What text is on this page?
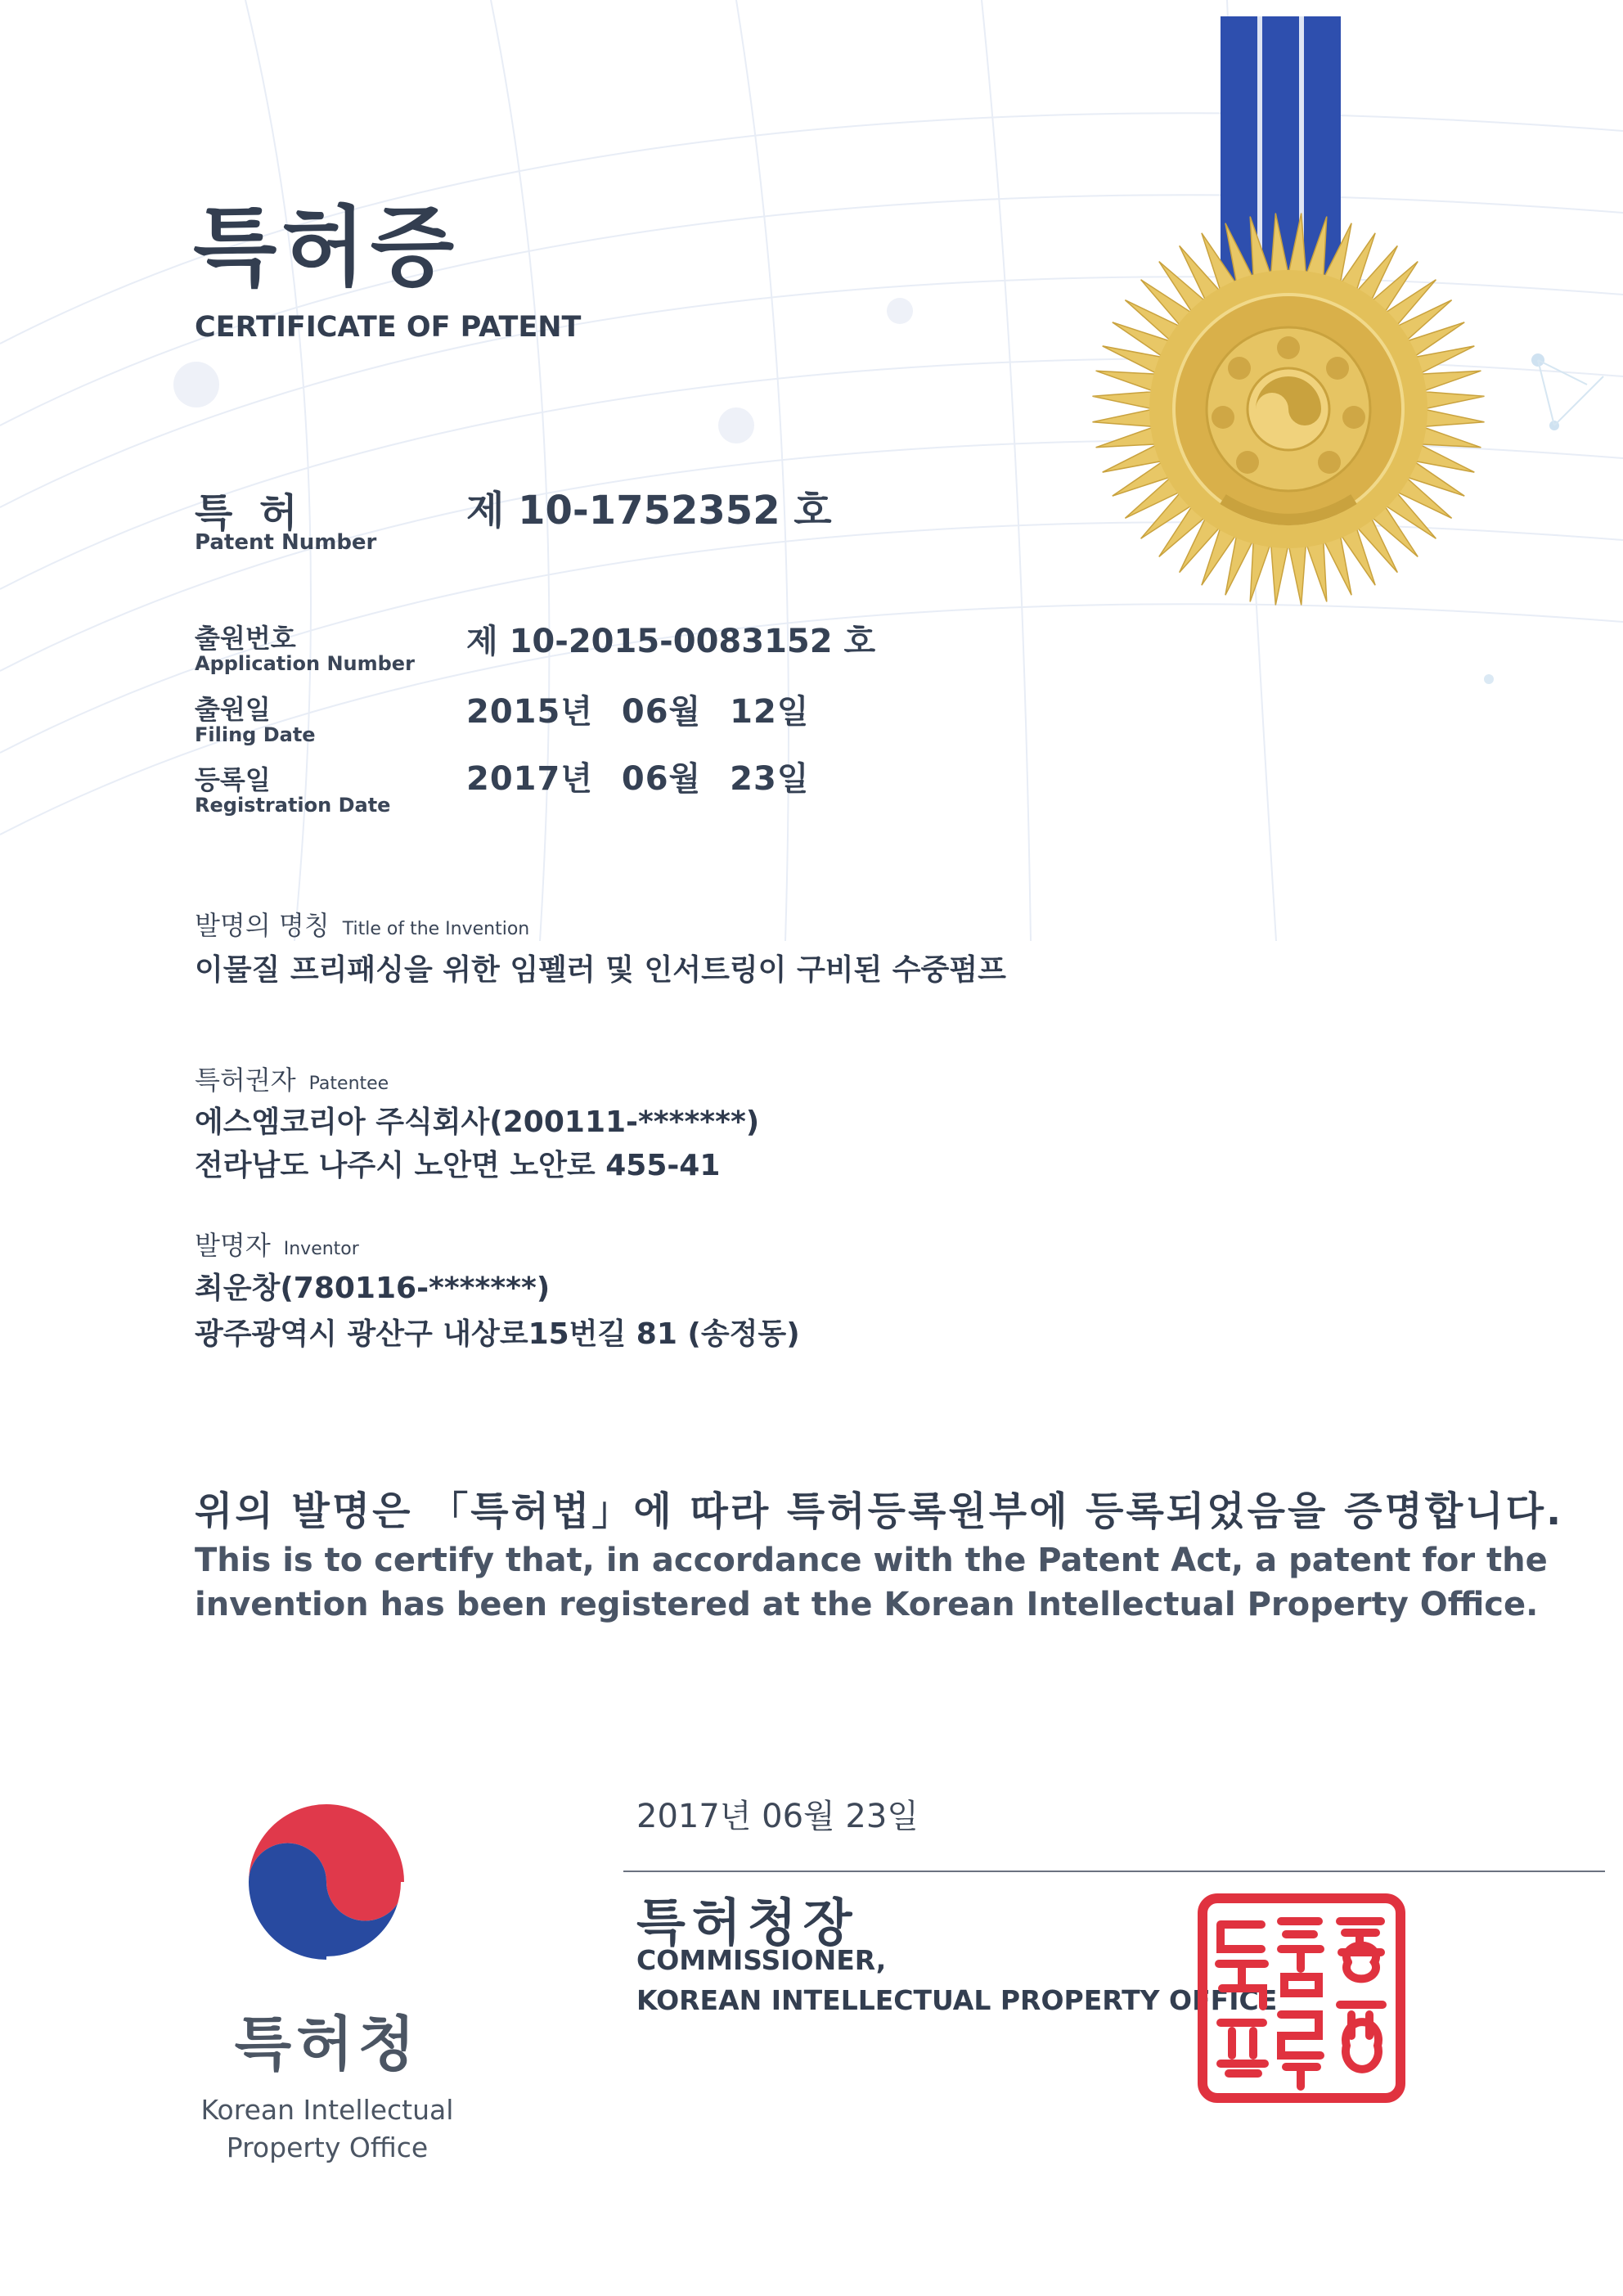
특허증
CERTIFICATE OF PATENT
특 허
Patent Number
제 10-1752352 호
출원번호
Application Number
제 10-2015-0083152 호
출원일
Filing Date
2015년 06월 12일
등록일
Registration Date
2017년 06월 23일
발명의 명칭 Title of the Invention
이물질 프리패싱을 위한 임펠러 및 인서트링이 구비된 수중펌프
특허권자 Patentee
에스엠코리아 주식회사(200111-*******)
전라남도 나주시 노안면 노안로 455-41
발명자 Inventor
최운창(780116-*******)
광주광역시 광산구 내상로15번길 81 (송정동)
위의 발명은 「특허법」에 따라 특허등록원부에 등록되었음을 증명합니다.
This is to certify that, in accordance with the Patent Act, a patent for the invention has been registered at the Korean Intellectual Property Office.
특허청
Korean Intellectual
Property Office
2017년 06월 23일
특허청장
COMMISSIONER,
KOREAN INTELLECTUAL PROPERTY OFFICE
